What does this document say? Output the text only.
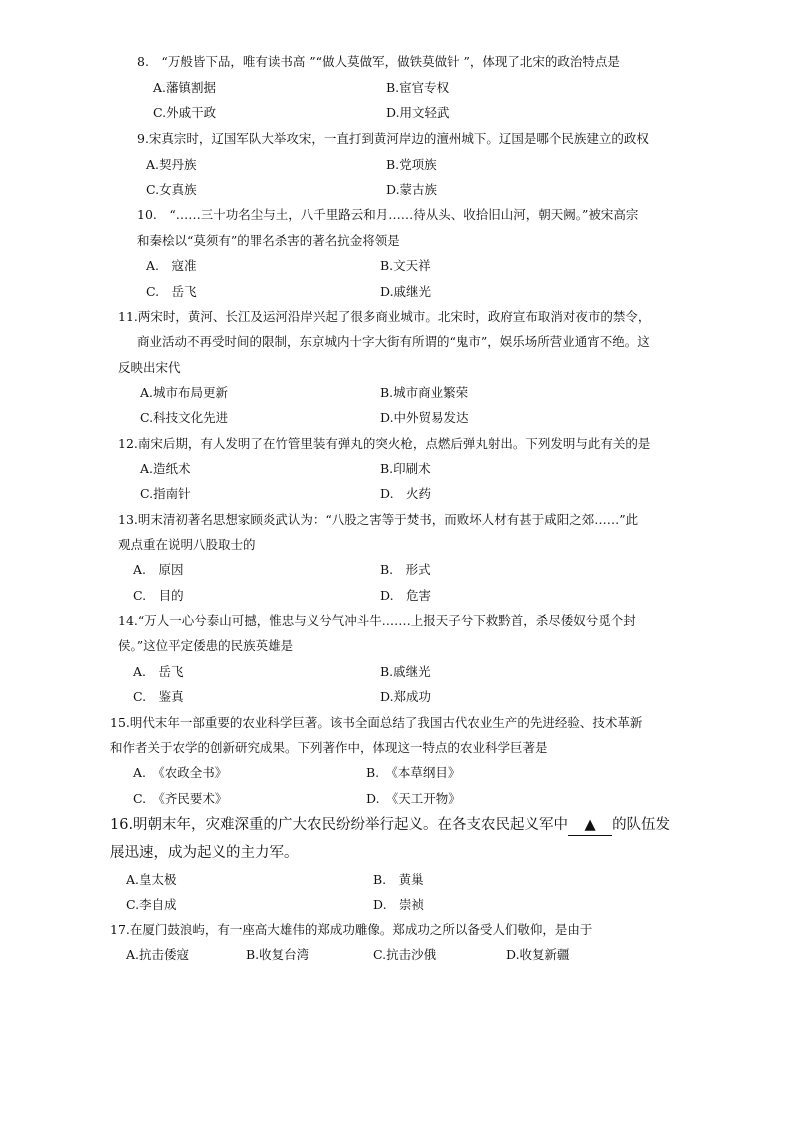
8.　“万般皆下品，唯有读书高 ”“做人莫做军，做铁莫做针 ”，体现了北宋的政治特点是
A.藩镇割据	B.宦官专权
C.外戚干政	D.用文轻武
9.宋真宗时，辽国军队大举攻宋，一直打到黄河岸边的澶州城下。辽国是哪个民族建立的政权
A.契丹族	B.党项族
C.女真族	D.蒙古族
10.　“……三十功名尘与土，八千里路云和月……待从头、收拾旧山河，朝天阙。”被宋高宗
和秦桧以“莫须有”的罪名杀害的著名抗金将领是
A.　寇准	B.文天祥
C.　岳飞	D.戚继光
11.两宋时，黄河、长江及运河沿岸兴起了很多商业城市。北宋时，政府宣布取消对夜市的禁令，
商业活动不再受时间的限制，东京城内十字大街有所谓的“鬼市”，娱乐场所营业通宵不绝。这
反映出宋代
A.城市布局更新	B.城市商业繁荣
C.科技文化先进	D.中外贸易发达
12.南宋后期，有人发明了在竹管里装有弹丸的突火枪，点燃后弹丸射出。下列发明与此有关的是
A.造纸术	B.印刷术
C.指南针	D.　火药
13.明末清初著名思想家顾炎武认为：“八股之害等于焚书，而败坏人材有甚于咸阳之郊……”此
观点重在说明八股取士的
A.　原因	B.　形式
C.　目的	D.　危害
14.“万人一心兮泰山可撼，惟忠与义兮气冲斗牛.……上报天子兮下救黔首，杀尽倭奴兮觅个封
侯。”这位平定倭患的民族英雄是
A.　岳飞	B.戚继光
C.　鉴真	D.郑成功
15.明代末年一部重要的农业科学巨著。该书全面总结了我国古代农业生产的先进经验、技术革新
和作者关于农学的创新研究成果。下列著作中，体现这一特点的农业科学巨著是
A.　《农政全书》	B.　《本草纲目》
C.　《齐民要术》	D.　《天工开物》
16.明朝末年，灾难深重的广大农民纷纷举行起义。在各支农民起义军中 ▲ 的队伍发
展迅速，成为起义的主力军。
A.皇太极	B.　黄巢
C.李自成	D.　崇祯
17.在厦门鼓浪屿，有一座高大雄伟的郑成功雕像。郑成功之所以备受人们敬仰，是由于
A.抗击倭寇	B.收复台湾	C.抗击沙俄	D.收复新疆
